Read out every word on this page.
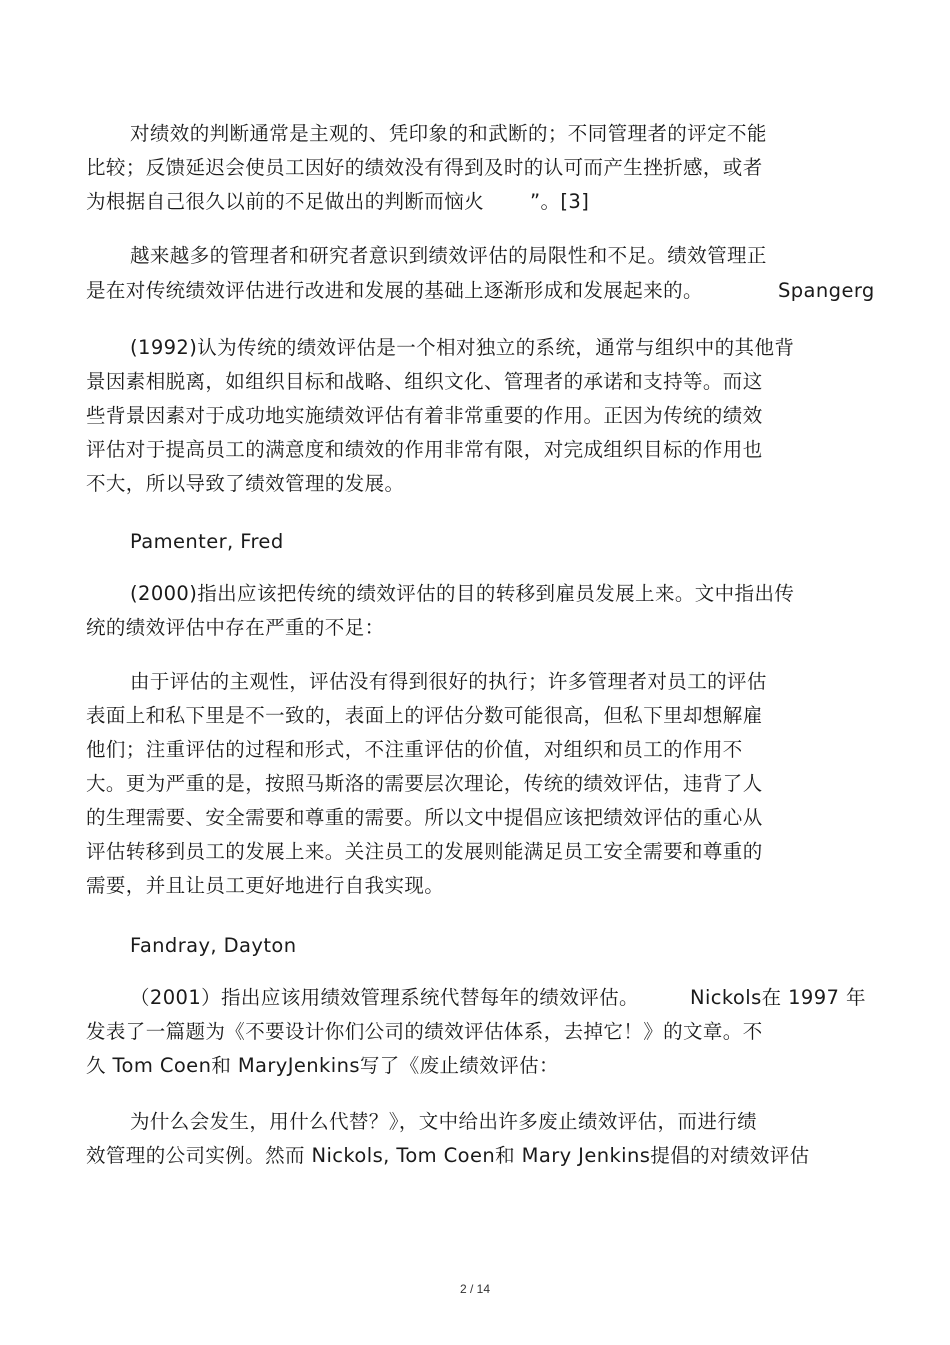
对绩效的判断通常是主观的、凭印象的和武断的；不同管理者的评定不能
比较；反馈延迟会使员工因好的绩效没有得到及时的认可而产生挫折感，或者
为根据自己很久以前的不足做出的判断而恼火 ”。[3]
越来越多的管理者和研究者意识到绩效评估的局限性和不足。绩效管理正
是在对传统绩效评估进行改进和发展的基础上逐渐形成和发展起来的。	Spangerg
(1992)认为传统的绩效评估是一个相对独立的系统，通常与组织中的其他背
景因素相脱离，如组织目标和战略、组织文化、管理者的承诺和支持等。而这
些背景因素对于成功地实施绩效评估有着非常重要的作用。正因为传统的绩效
评估对于提高员工的满意度和绩效的作用非常有限，对完成组织目标的作用也
不大，所以导致了绩效管理的发展。
Pamenter, Fred
(2000)指出应该把传统的绩效评估的目的转移到雇员发展上来。文中指出传
统的绩效评估中存在严重的不足：
由于评估的主观性，评估没有得到很好的执行；许多管理者对员工的评估
表面上和私下里是不一致的，表面上的评估分数可能很高，但私下里却想解雇
他们；注重评估的过程和形式，不注重评估的价值，对组织和员工的作用不
大。更为严重的是，按照马斯洛的需要层次理论，传统的绩效评估，违背了人
的生理需要、安全需要和尊重的需要。所以文中提倡应该把绩效评估的重心从
评估转移到员工的发展上来。关注员工的发展则能满足员工安全需要和尊重的
需要，并且让员工更好地进行自我实现。
Fandray, Dayton
（2001）指出应该用绩效管理系统代替每年的绩效评估。	Nickols在 1997 年
发表了一篇题为《不要设计你们公司的绩效评估体系，去掉它！》的文章。不
久 Tom Coen和 MaryJenkins写了《废止绩效评估：
为什么会发生，用什么代替？》，文中给出许多废止绩效评估，而进行绩
效管理的公司实例。然而 Nickols, Tom Coen和 Mary Jenkins提倡的对绩效评估
2 / 14
